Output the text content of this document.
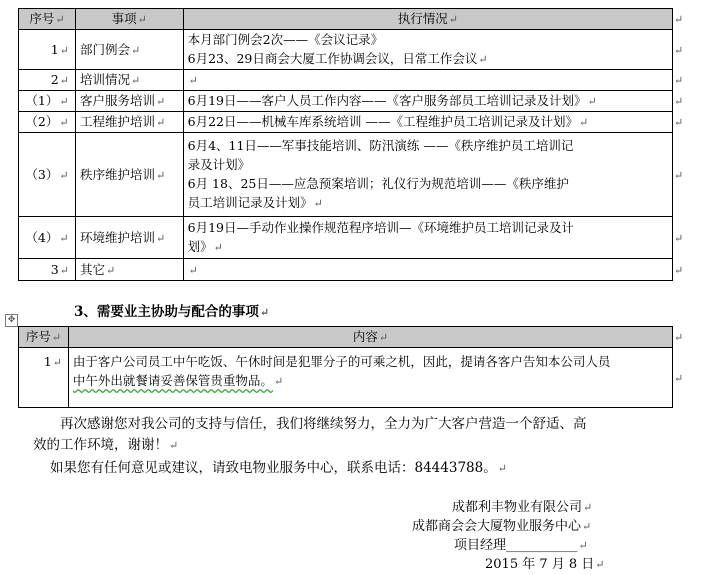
序号↵	事项↵	执行情况↵	↵
1↵	部门例会↵	本月部门例会2次——《会议记录》
6月23、29日商会大厦工作协调会议，日常工作会议↵	↵
2↵	培训情况↵	↵	↵
（1）↵	客户服务培训↵	6月19日——客户人员工作内容——《客户服务部员工培训记录及计划》↵	↵
（2）↵	工程维护培训↵	6月22日——机械车库系统培训 ——《工程维护员工培训记录及计划》↵	↵
（3）↵	秩序维护培训↵	6月4、11日——军事技能培训、防汛演练 ——《秩序维护员工培训记
录及计划》
6月 18、25日——应急预案培训；礼仪行为规范培训——《秩序维护
员工培训记录及计划》↵	↵
（4）↵	环境维护培训↵	6月19日—手动作业操作规范程序培训—《环境维护员工培训记录及计
划》↵	↵
3↵	其它↵	↵	↵
3、需要业主协助与配合的事项↵
✥
序号↵	内容↵	↵
1↵	由于客户公司员工中午吃饭、午休时间是犯罪分子的可乘之机，因此，提请各客户告知本公司人员
中午外出就餐请妥善保管贵重物品。↵	↵
再次感谢您对我公司的支持与信任，我们将继续努力，全力为广大客户营造一个舒适、高
效的工作环境，谢谢！↵
如果您有任何意见或建议，请致电物业服务中心，联系电话：84443788。↵
成都利丰物业有限公司↵
成都商会会大厦物业服务中心↵
项目经理___________↵
2015 年 7 月 8 日↵
